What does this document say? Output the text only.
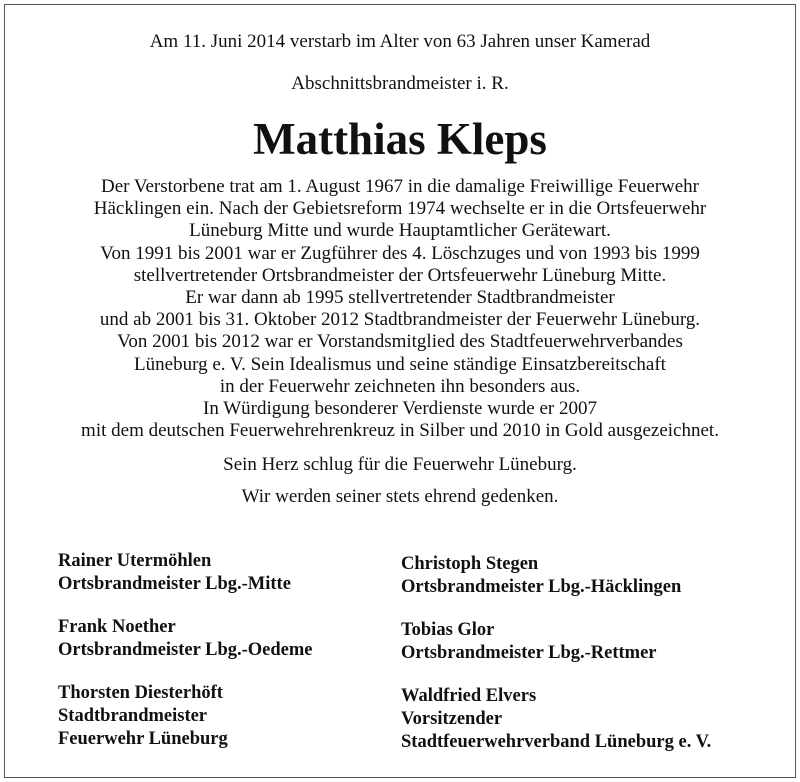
Am 11. Juni 2014 verstarb im Alter von 63 Jahren unser Kamerad
Abschnittsbrandmeister i. R.
Matthias Kleps
Der Verstorbene trat am 1. August 1967 in die damalige Freiwillige Feuerwehr
Häcklingen ein. Nach der Gebietsreform 1974 wechselte er in die Ortsfeuerwehr
Lüneburg Mitte und wurde Hauptamtlicher Gerätewart.
Von 1991 bis 2001 war er Zugführer des 4. Löschzuges und von 1993 bis 1999
stellvertretender Ortsbrandmeister der Ortsfeuerwehr Lüneburg Mitte.
Er war dann ab 1995 stellvertretender Stadtbrandmeister
und ab 2001 bis 31. Oktober 2012 Stadtbrandmeister der Feuerwehr Lüneburg.
Von 2001 bis 2012 war er Vorstandsmitglied des Stadtfeuerwehrverbandes
Lüneburg e. V. Sein Idealismus und seine ständige Einsatzbereitschaft
in der Feuerwehr zeichneten ihn besonders aus.
In Würdigung besonderer Verdienste wurde er 2007
mit dem deutschen Feuerwehrehrenkreuz in Silber und 2010 in Gold ausgezeichnet.
Sein Herz schlug für die Feuerwehr Lüneburg.
Wir werden seiner stets ehrend gedenken.
Rainer Utermöhlen
Ortsbrandmeister Lbg.-Mitte
Frank Noether
Ortsbrandmeister Lbg.-Oedeme
Thorsten Diesterhöft
Stadtbrandmeister
Feuerwehr Lüneburg
Christoph Stegen
Ortsbrandmeister Lbg.-Häcklingen
Tobias Glor
Ortsbrandmeister Lbg.-Rettmer
Waldfried Elvers
Vorsitzender
Stadtfeuerwehrverband Lüneburg e. V.
